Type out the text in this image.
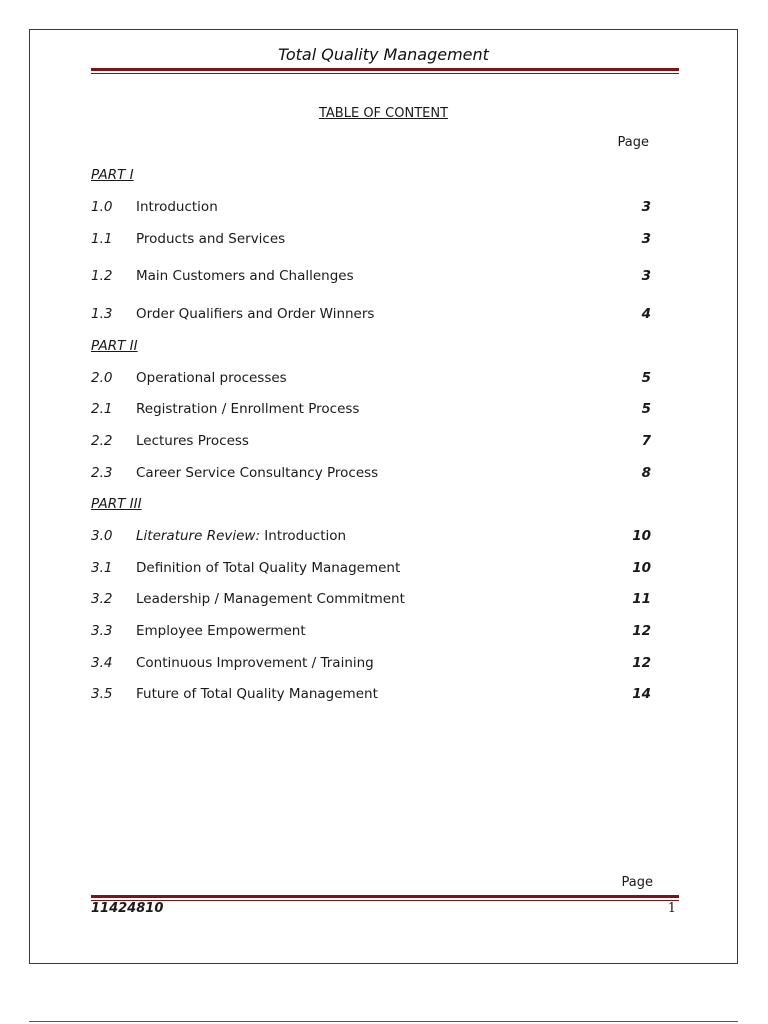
Total Quality Management
TABLE OF CONTENT
Page
PART I
1.0 Introduction	3
1.1 Products and Services	3
1.2 Main Customers and Challenges	3
1.3 Order Qualifiers and Order Winners	4
PART II
2.0 Operational processes	5
2.1 Registration / Enrollment Process	5
2.2 Lectures Process	7
2.3 Career Service Consultancy Process	8
PART III
3.0 Literature Review: Introduction	10
3.1 Definition of Total Quality Management	10
3.2 Leadership / Management Commitment	11
3.3 Employee Empowerment	12
3.4 Continuous Improvement / Training	12
3.5 Future of Total Quality Management	14
Page
11424810	1
